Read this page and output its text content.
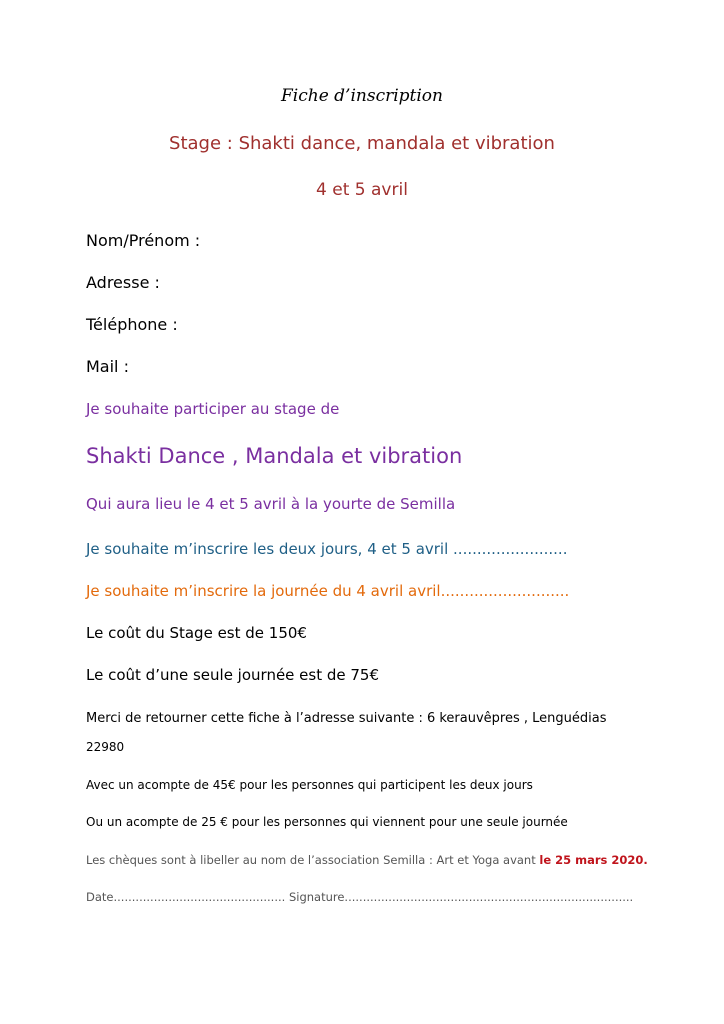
Fiche d’inscription

Stage : Shakti dance, mandala et vibration

4 et 5 avril

Nom/Prénom :

Adresse :

Téléphone :

Mail :

Je souhaite participer au stage de

Shakti Dance , Mandala et vibration

Qui aura lieu le 4 et 5 avril à la yourte de Semilla

Je souhaite m’inscrire les deux jours, 4 et 5 avril ........................

Je souhaite m’inscrire la journée du 4 avril avril...........................

Le coût du Stage est de 150€

Le coût d’une seule journée est de 75€

Merci de retourner cette fiche à l’adresse suivante : 6 kerauvêpres , Lenguédias

22980

Avec un acompte de 45€ pour les personnes qui participent les deux jours

Ou un acompte de 25 € pour les personnes qui viennent pour une seule journée

Les chèques sont à libeller au nom de l’association Semilla : Art et Yoga avant le 25 mars 2020.

Date............................................... Signature...............................................................................
